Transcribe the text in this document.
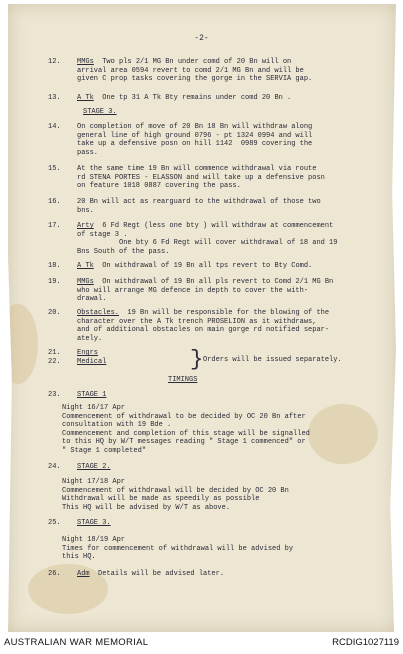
-2-
12.	MMGs  Two pls 2/1 MG Bn under comd of 20 Bn will on
arrival area 0594 revert to comd 2/1 MG Bn and will be
given C prop tasks covering the gorge in the SERVIA gap.
13.	A Tk  One tp 31 A Tk Bty remains under comd 20 Bn .
STAGE 3.
14.	On completion of move of 20 Bn 18 Bn will withdraw along
general line of high ground 0796 - pt 1324 0994 and will
take up a defensive posn on hill 1142  0989 covering the
pass.
15.	At the same time 19 Bn will commence withdrawal via route
rd STENA PORTES - ELASSON and will take up a defensive posn
on feature 1018 0887 covering the pass.
16.	20 Bn will act as rearguard to the withdrawal of those two
bns.
17.	Arty  6 Fd Regt (less one bty ) will withdraw at commencement
of stage 3 .
One bty 6 Fd Regt will cover withdrawal of 18 and 19
Bns South of the pass.
18.	A Tk  On withdrawal of 19 Bn all tps revert to Bty Comd.
19.	MMGs  On withdrawal of 19 Bn all pls revert to Comd 2/1 MG Bn
who will arrange MG defence in depth to cover the with-
drawal.
20.	Obstacles.  19 Bn will be responsible for the blowing of the
character over the A Tk trench PROSELION as it withdraws,
and of additional obstacles on main gorge rd notified separ-
ately.
21.	Engrs
22.	Medical	} Orders will be issued separately.
TIMINGS
23.	STAGE 1
Night 16/17 Apr
Commencement of withdrawal to be decided by OC 20 Bn after
consultation with 19 Bde .
Commencement and completion of this stage will be signalled
to this HQ by W/T messages reading " Stage 1 commenced" or
" Stage 1 completed"
24.	STAGE 2.
Night 17/18 Apr
Commencement of withdrawal will be decided by OC 20 Bn
Withdrawal will be made as speedily as possible
This HQ will be advised by W/T as above.
25.	STAGE 3.
Night 18/19 Apr
Times for commencement of withdrawal will be advised by
this HQ.
26.	Adm  Details will be advised later.
AUSTRALIAN WAR MEMORIAL	RCDIG1027119
